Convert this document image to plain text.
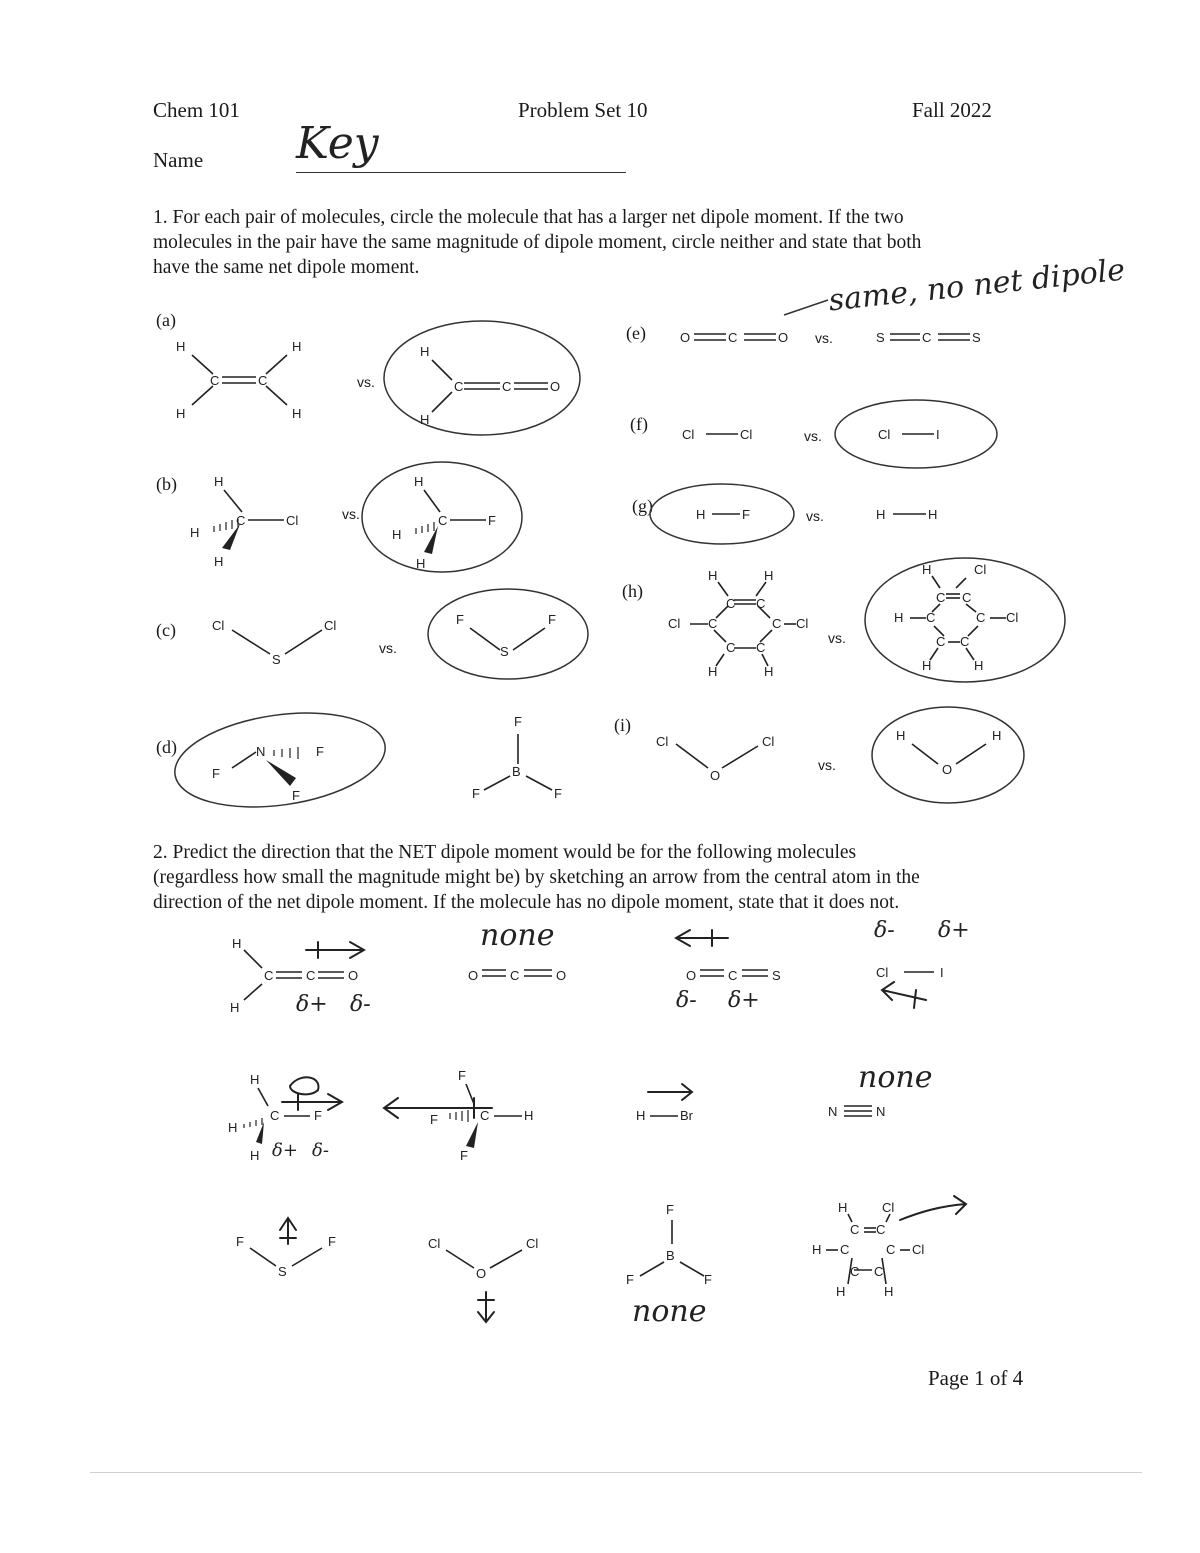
Chem 101	Problem Set 10	Fall 2022
Name Key
1. For each pair of molecules, circle the molecule that has a larger net dipole moment. If the two
molecules in the pair have the same magnitude of dipole moment, circle neither and state that both
have the same net dipole moment.	same, no net dipole
(a)
(b)
(c)
(d)
(e)
(f)
(g)
(h)
(i)
vs.
vs.
vs.
vs.
vs.
vs.
vs.
vs.
H	H
C	C
H	H
H
C	C	O
H
H
H
C	Cl
H
H
H
C	F
H
Cl	Cl
S
F	F
S
N	F
F
F
F
B
F	F
O	C	O	S	C	S
Cl	Cl	Cl	I
H	F	H	H
H	H
C C
Cl C	C Cl
C C
H	H
H	Cl
C C
H C	C Cl
C C
H	H
Cl	Cl
O
H	H
O
2. Predict the direction that the NET dipole moment would be for the following molecules
(regardless how small the magnitude might be) by sketching an arrow from the central atom in the
direction of the net dipole moment. If the molecule has no dipole moment, state that it does not.
none
none
none
δ+ δ-	δ+
δ-
δ- δ+
δ+ δ-
H
C	C	O
H
O C	O	O C	S	Cl	I
H
H
C	F
H
F
F	C	H
F
H	Br	N	N
F	F
S
Cl	Cl
O
F
B
F	F
H	Cl
C C
H C	C Cl
C C
H	H
Page 1 of 4
